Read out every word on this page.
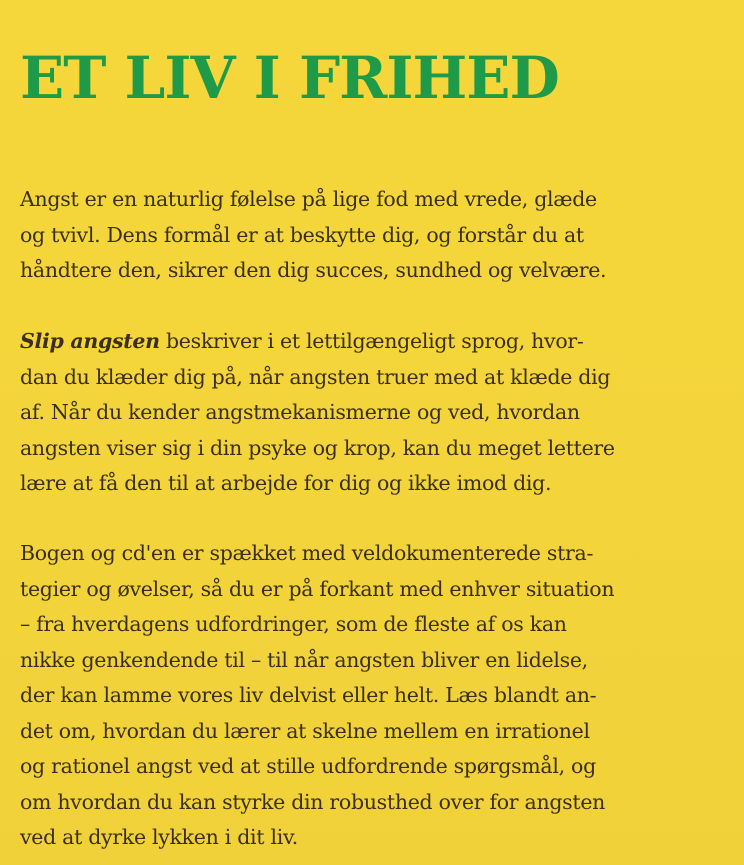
ET LIV I FRIHED

Angst er en naturlig følelse på lige fod med vrede, glæde
og tvivl. Dens formål er at beskytte dig, og forstår du at
håndtere den, sikrer den dig succes, sundhed og velvære.

Slip angsten beskriver i et lettilgængeligt sprog, hvor-
dan du klæder dig på, når angsten truer med at klæde dig
af. Når du kender angstmekanismerne og ved, hvordan
angsten viser sig i din psyke og krop, kan du meget lettere
lære at få den til at arbejde for dig og ikke imod dig.

Bogen og cd'en er spækket med veldokumenterede stra-
tegier og øvelser, så du er på forkant med enhver situation
– fra hverdagens udfordringer, som de fleste af os kan
nikke genkendende til – til når angsten bliver en lidelse,
der kan lamme vores liv delvist eller helt. Læs blandt an-
det om, hvordan du lærer at skelne mellem en irrationel
og rationel angst ved at stille udfordrende spørgsmål, og
om hvordan du kan styrke din robusthed over for angsten
ved at dyrke lykken i dit liv.
